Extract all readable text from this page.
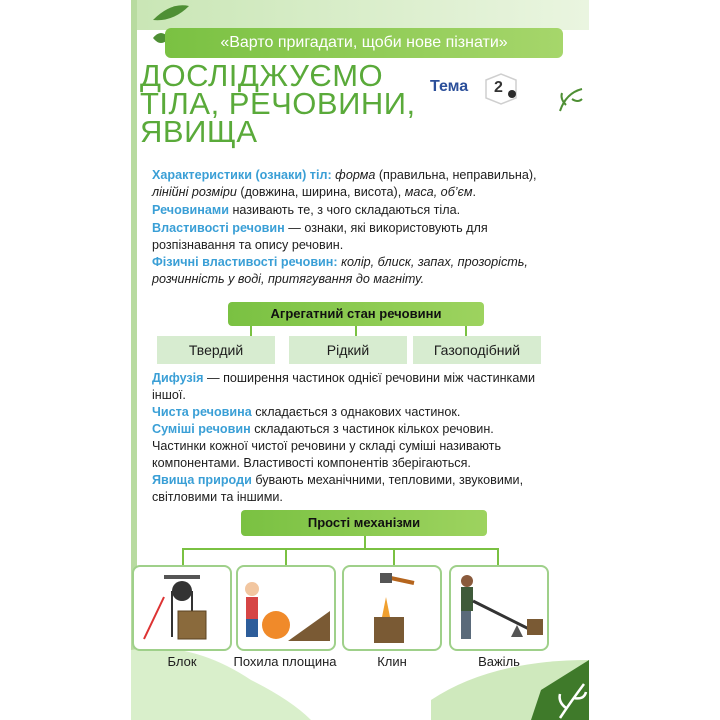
«Варто пригадати, щоби нове пізнати»
ДОСЛІДЖУЄМО
ТІЛА, РЕЧОВИНИ,
ЯВИЩА
Тема 2
Характеристики (ознаки) тіл: форма (правильна, неправильна), лінійні розміри (довжина, ширина, висота), маса, об’єм.
Речовинами називають те, з чого складаються тіла.
Властивості речовин — ознаки, які використовують для розпізнавання та опису речовин.
Фізичні властивості речовин: колір, блиск, запах, прозорість, розчинність у воді, притягування до магніту.
Агрегатний стан речовини
Твердий	Рідкий	Газоподібний
Дифузія — поширення частинок однієї речовини між частинками іншої.
Чиста речовина складається з однакових частинок.
Суміші речовин складаються з частинок кількох речовин. Частинки кожної чистої речовини у складі суміші називають компонентами. Властивості компонентів зберігаються.
Явища природи бувають механічними, тепловими, звуковими, світловими та іншими.
Прості механізми
Блок	Похила площина	Клин	Важіль
